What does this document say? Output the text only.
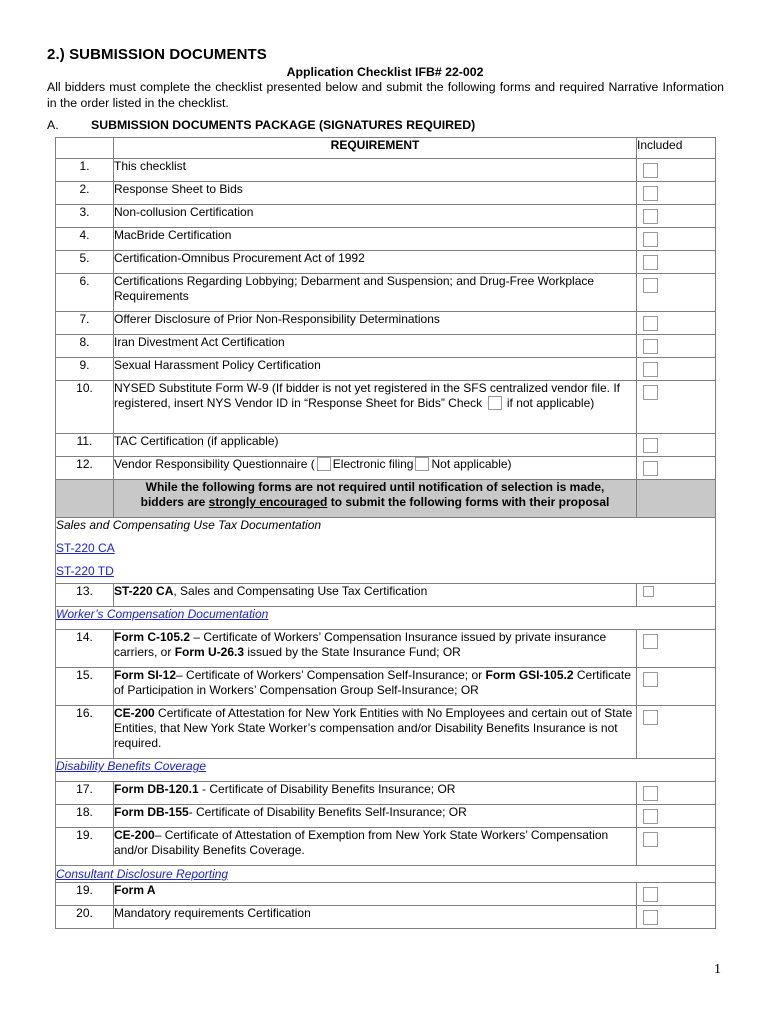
2.) SUBMISSION DOCUMENTS
Application Checklist IFB# 22-002
All bidders must complete the checklist presented below and submit the following forms and required Narrative Information in the order listed in the checklist.
A.	SUBMISSION DOCUMENTS PACKAGE (SIGNATURES REQUIRED)
	REQUIREMENT	Included
1.	This checklist	

2.	Response Sheet to Bids	

3.	Non-collusion Certification	

4.	MacBride Certification	

5.	Certification-Omnibus Procurement Act of 1992	

6.	Certifications Regarding Lobbying; Debarment and Suspension; and Drug-Free Workplace Requirements	

7.	Offerer Disclosure of Prior Non-Responsibility Determinations	

8.	Iran Divestment Act Certification	

9.	Sexual Harassment Policy Certification	

10.	NYSED Substitute Form W-9 (If bidder is not yet registered in the SFS centralized vendor file. If registered, insert NYS Vendor ID in “Response Sheet for Bids” Check if not applicable)	

11.	TAC Certification (if applicable)	

12.	Vendor Responsibility Questionnaire ( Electronic filing Not applicable)	

	While the following forms are not required until notification of selection is made,
bidders are strongly encouraged to submit the following forms with their proposal	

Sales and Compensating Use Tax Documentation
ST-220 CA
ST-220 TD		

13.	ST-220 CA, Sales and Compensating Use Tax Certification	

Worker’s Compensation Documentation		
14.	Form C-105.2 – Certificate of Workers’ Compensation Insurance issued by private insurance carriers, or Form U-26.3 issued by the State Insurance Fund; OR	

15.	Form SI-12– Certificate of Workers’ Compensation Self-Insurance; or Form GSI-105.2 Certificate of Participation in Workers’ Compensation Group Self-Insurance; OR	

16.	CE-200 Certificate of Attestation for New York Entities with No Employees and certain out of State Entities, that New York State Worker’s compensation and/or Disability Benefits Insurance is not required.	

Disability Benefits Coverage		
17.	Form DB-120.1 - Certificate of Disability Benefits Insurance; OR	

18.	Form DB-155- Certificate of Disability Benefits Self-Insurance; OR	

19.	CE-200– Certificate of Attestation of Exemption from New York State Workers’ Compensation and/or Disability Benefits Coverage.	

Consultant Disclosure Reporting		
19.	Form A	

20.	Mandatory requirements Certification	
1
